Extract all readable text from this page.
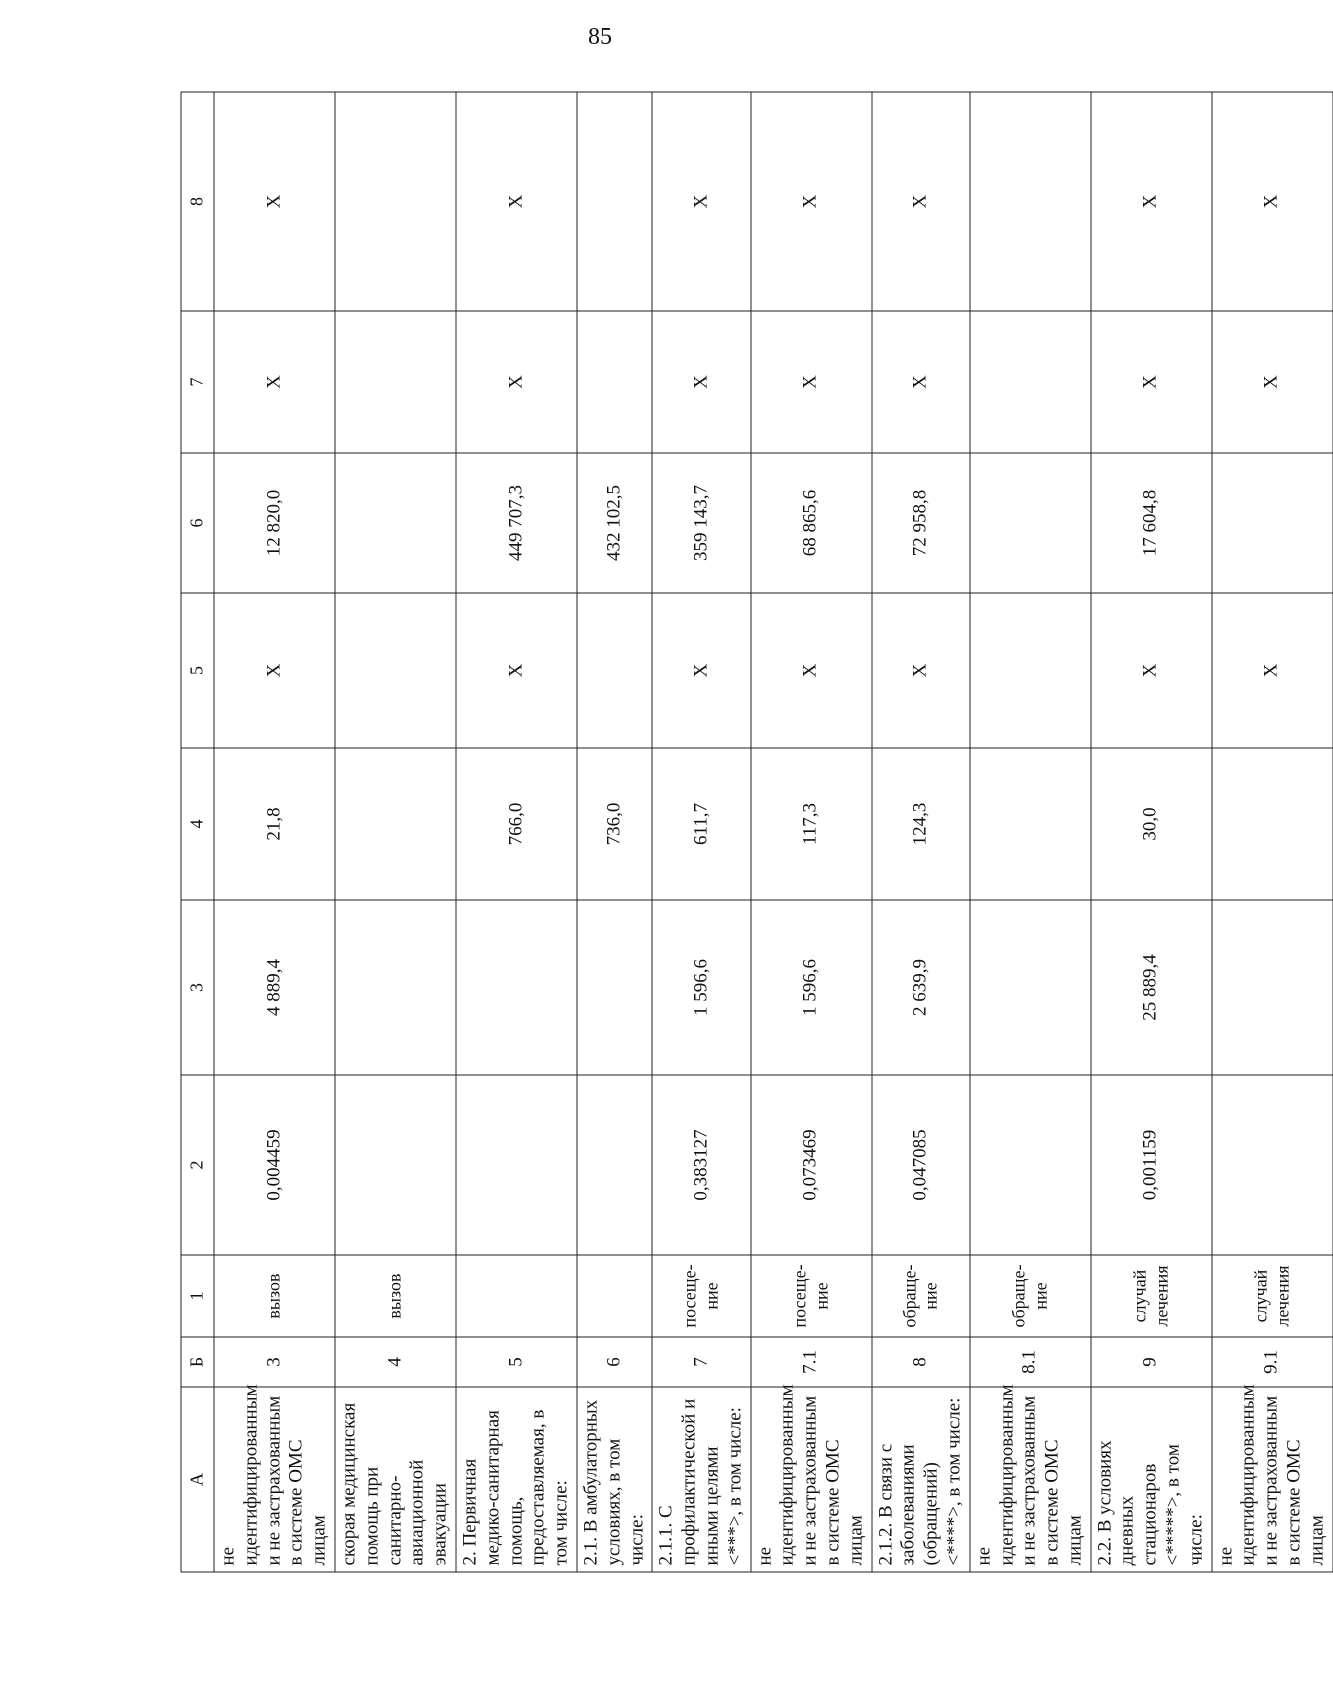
85
А	Б	1	2	3	4	5	6	7	8
не идентифицированным и не застрахованным в системе ОМС лицам	3	вызов	0,004459	4 889,4	21,8	Х	12 820,0	Х	Х
скорая медицинская помощь при санитарно-авиационной эвакуации	4	вызов							
2. Первичная медико-санитарная помощь, предоставляемая, в том числе:	5				766,0	Х	449 707,3	Х	Х
2.1. В амбулаторных условиях, в том числе:	6				736,0		432 102,5		
2.1.1. С профилактической и иными целями <***>, в том числе:	7	посеще-ние	0,383127	1 596,6	611,7	Х	359 143,7	Х	Х
не идентифицированным и не застрахованным в системе ОМС лицам	7.1	посеще-ние	0,073469	1 596,6	117,3	Х	68 865,6	Х	Х
2.1.2. В связи с заболеваниями (обращений) <****>, в том числе:	8	обраще-ние	0,047085	2 639,9	124,3	Х	72 958,8	Х	Х
не идентифицированным и не застрахованным в системе ОМС лицам	8.1	обраще-ние							
2.2. В условиях дневных стационаров <*****>, в том числе:	9	случай лечения	0,001159	25 889,4	30,0	Х	17 604,8	Х	Х
не идентифицированным и не застрахованным в системе ОМС лицам	9.1	случай лечения				Х		Х	Х
